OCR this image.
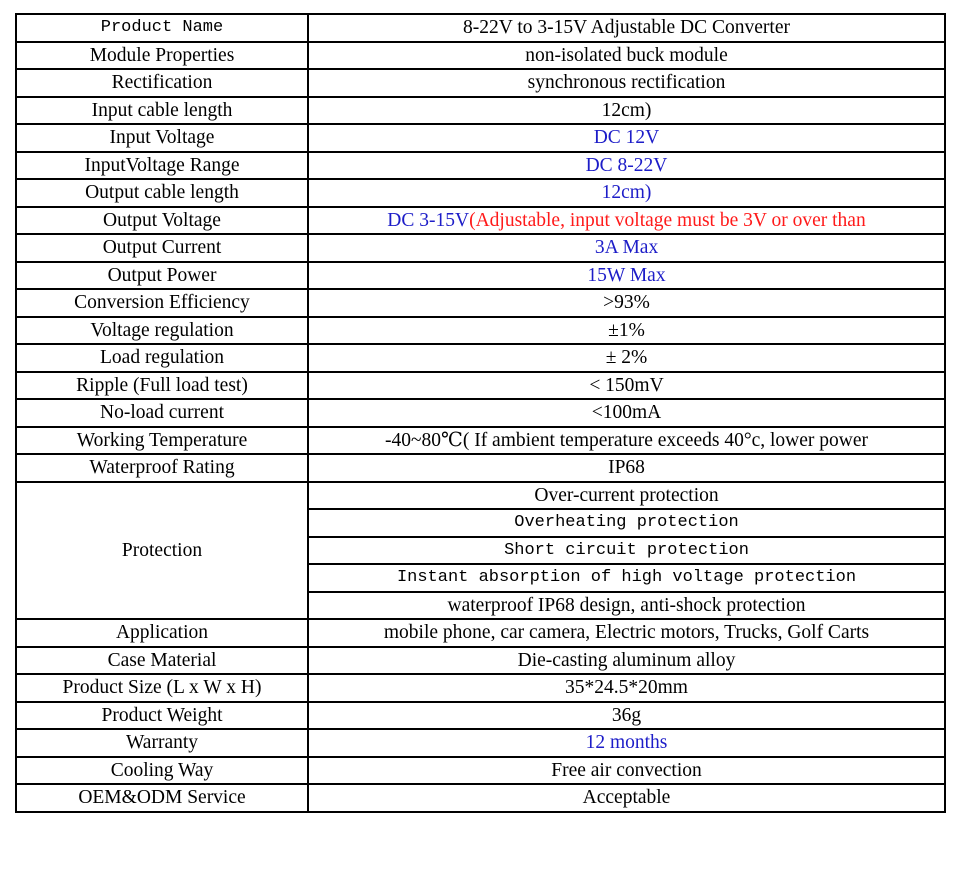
Product Name	8-22V to 3-15V Adjustable DC Converter
Module Properties	non-isolated buck module
Rectification	synchronous rectification
Input cable length	12cm)
Input Voltage	DC 12V
InputVoltage Range	DC 8-22V
Output cable length	12cm)
Output Voltage	DC 3-15V(Adjustable, input voltage must be 3V or over than
Output Current	3A Max
Output Power	15W Max
Conversion Efficiency	>93%
Voltage regulation	±1%
Load regulation	± 2%
Ripple (Full load test)	< 150mV
No-load current	<100mA
Working Temperature	-40~80℃( If ambient temperature exceeds 40°c, lower power
Waterproof Rating	IP68
Protection	Over-current protection
	Overheating protection
	Short circuit protection
	Instant absorption of high voltage protection
	waterproof IP68 design, anti-shock protection
Application	mobile phone, car camera, Electric motors, Trucks, Golf Carts
Case Material	Die-casting aluminum alloy
Product Size (L x W x H)	35*24.5*20mm
Product Weight	36g
Warranty	12 months
Cooling Way	Free air convection
OEM&ODM Service	Acceptable
